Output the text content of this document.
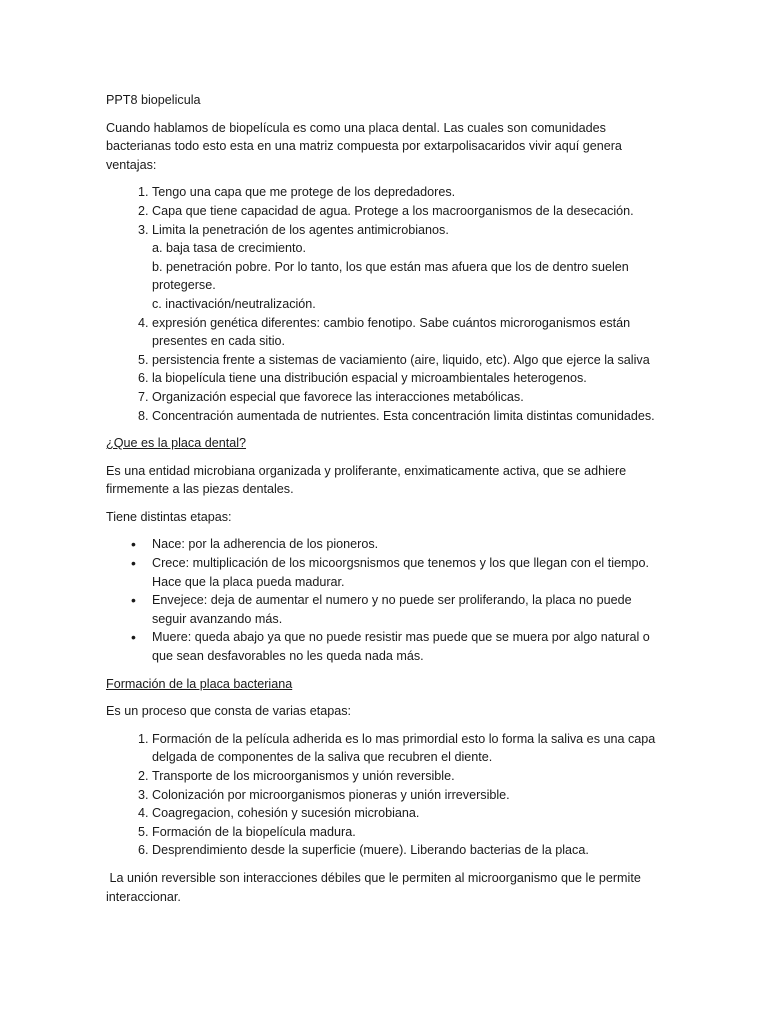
PPT8 biopelicula

Cuando hablamos de biopelícula es como una placa dental. Las cuales son comunidades bacterianas todo esto esta en una matriz compuesta por extarpolisacaridos vivir aquí genera ventajas:

1. Tengo una capa que me protege de los depredadores.
2. Capa que tiene capacidad de agua. Protege a los macroorganismos de la desecación.
3. Limita la penetración de los agentes antimicrobianos.
a. baja tasa de crecimiento.
b. penetración pobre. Por lo tanto, los que están mas afuera que los de dentro suelen protegerse.
c. inactivación/neutralización.
4. expresión genética diferentes: cambio fenotipo. Sabe cuántos microroganismos están presentes en cada sitio.
5. persistencia frente a sistemas de vaciamiento (aire, liquido, etc). Algo que ejerce la saliva
6. la biopelícula tiene una distribución espacial y microambientales heterogenos.
7. Organización especial que favorece las interacciones metabólicas.
8. Concentración aumentada de nutrientes. Esta concentración limita distintas comunidades.

¿Que es la placa dental?

Es una entidad microbiana organizada y proliferante, enximaticamente activa, que se adhiere firmemente a las piezas dentales.

Tiene distintas etapas:

• Nace: por la adherencia de los pioneros.
• Crece: multiplicación de los micoorgsnismos que tenemos y los que llegan con el tiempo. Hace que la placa pueda madurar.
• Envejece: deja de aumentar el numero y no puede ser proliferando, la placa no puede seguir avanzando más.
• Muere: queda abajo ya que no puede resistir mas puede que se muera por algo natural o que sean desfavorables no les queda nada más.

Formación de la placa bacteriana

Es un proceso que consta de varias etapas:

1. Formación de la película adherida es lo mas primordial esto lo forma la saliva es una capa delgada de componentes de la saliva que recubren el diente.
2. Transporte de los microorganismos y unión reversible.
3. Colonización por microorganismos pioneras y unión irreversible.
4. Coagregacion, cohesión y sucesión microbiana.
5. Formación de la biopelícula madura.
6. Desprendimiento desde la superficie (muere). Liberando bacterias de la placa.

La unión reversible son interacciones débiles que le permiten al microorganismo que le permite interaccionar.
